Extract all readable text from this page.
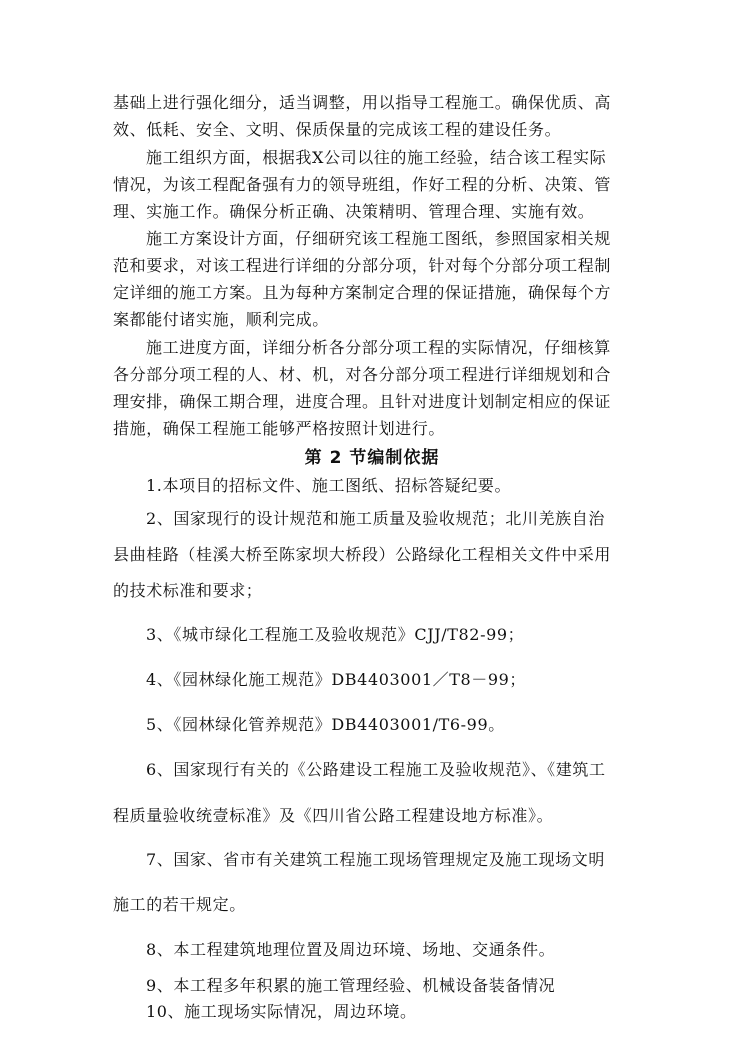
基础上进行强化细分，适当调整，用以指导工程施工。确保优质、高
效、低耗、安全、文明、保质保量的完成该工程的建设任务。
施工组织方面，根据我X公司以往的施工经验，结合该工程实际
情况，为该工程配备强有力的领导班组，作好工程的分析、决策、管
理、实施工作。确保分析正确、决策精明、管理合理、实施有效。
施工方案设计方面，仔细研究该工程施工图纸，参照国家相关规
范和要求，对该工程进行详细的分部分项，针对每个分部分项工程制
定详细的施工方案。且为每种方案制定合理的保证措施，确保每个方
案都能付诸实施，顺利完成。
施工进度方面，详细分析各分部分项工程的实际情况，仔细核算
各分部分项工程的人、材、机，对各分部分项工程进行详细规划和合
理安排，确保工期合理，进度合理。且针对进度计划制定相应的保证
措施，确保工程施工能够严格按照计划进行。
第 2 节编制依据
1.本项目的招标文件、施工图纸、招标答疑纪要。
2、国家现行的设计规范和施工质量及验收规范；北川羌族自治
县曲桂路（桂溪大桥至陈家坝大桥段）公路绿化工程相关文件中采用
的技术标准和要求；
3、《城市绿化工程施工及验收规范》CJJ/T82-99；
4、《园林绿化施工规范》DB4403001／T8－99；
5、《园林绿化管养规范》DB4403001/T6-99。
6、国家现行有关的《公路建设工程施工及验收规范》、《建筑工
程质量验收统壹标准》及《四川省公路工程建设地方标准》。
7、国家、省市有关建筑工程施工现场管理规定及施工现场文明
施工的若干规定。
8、本工程建筑地理位置及周边环境、场地、交通条件。
9、本工程多年积累的施工管理经验、机械设备装备情况
10、施工现场实际情况，周边环境。
